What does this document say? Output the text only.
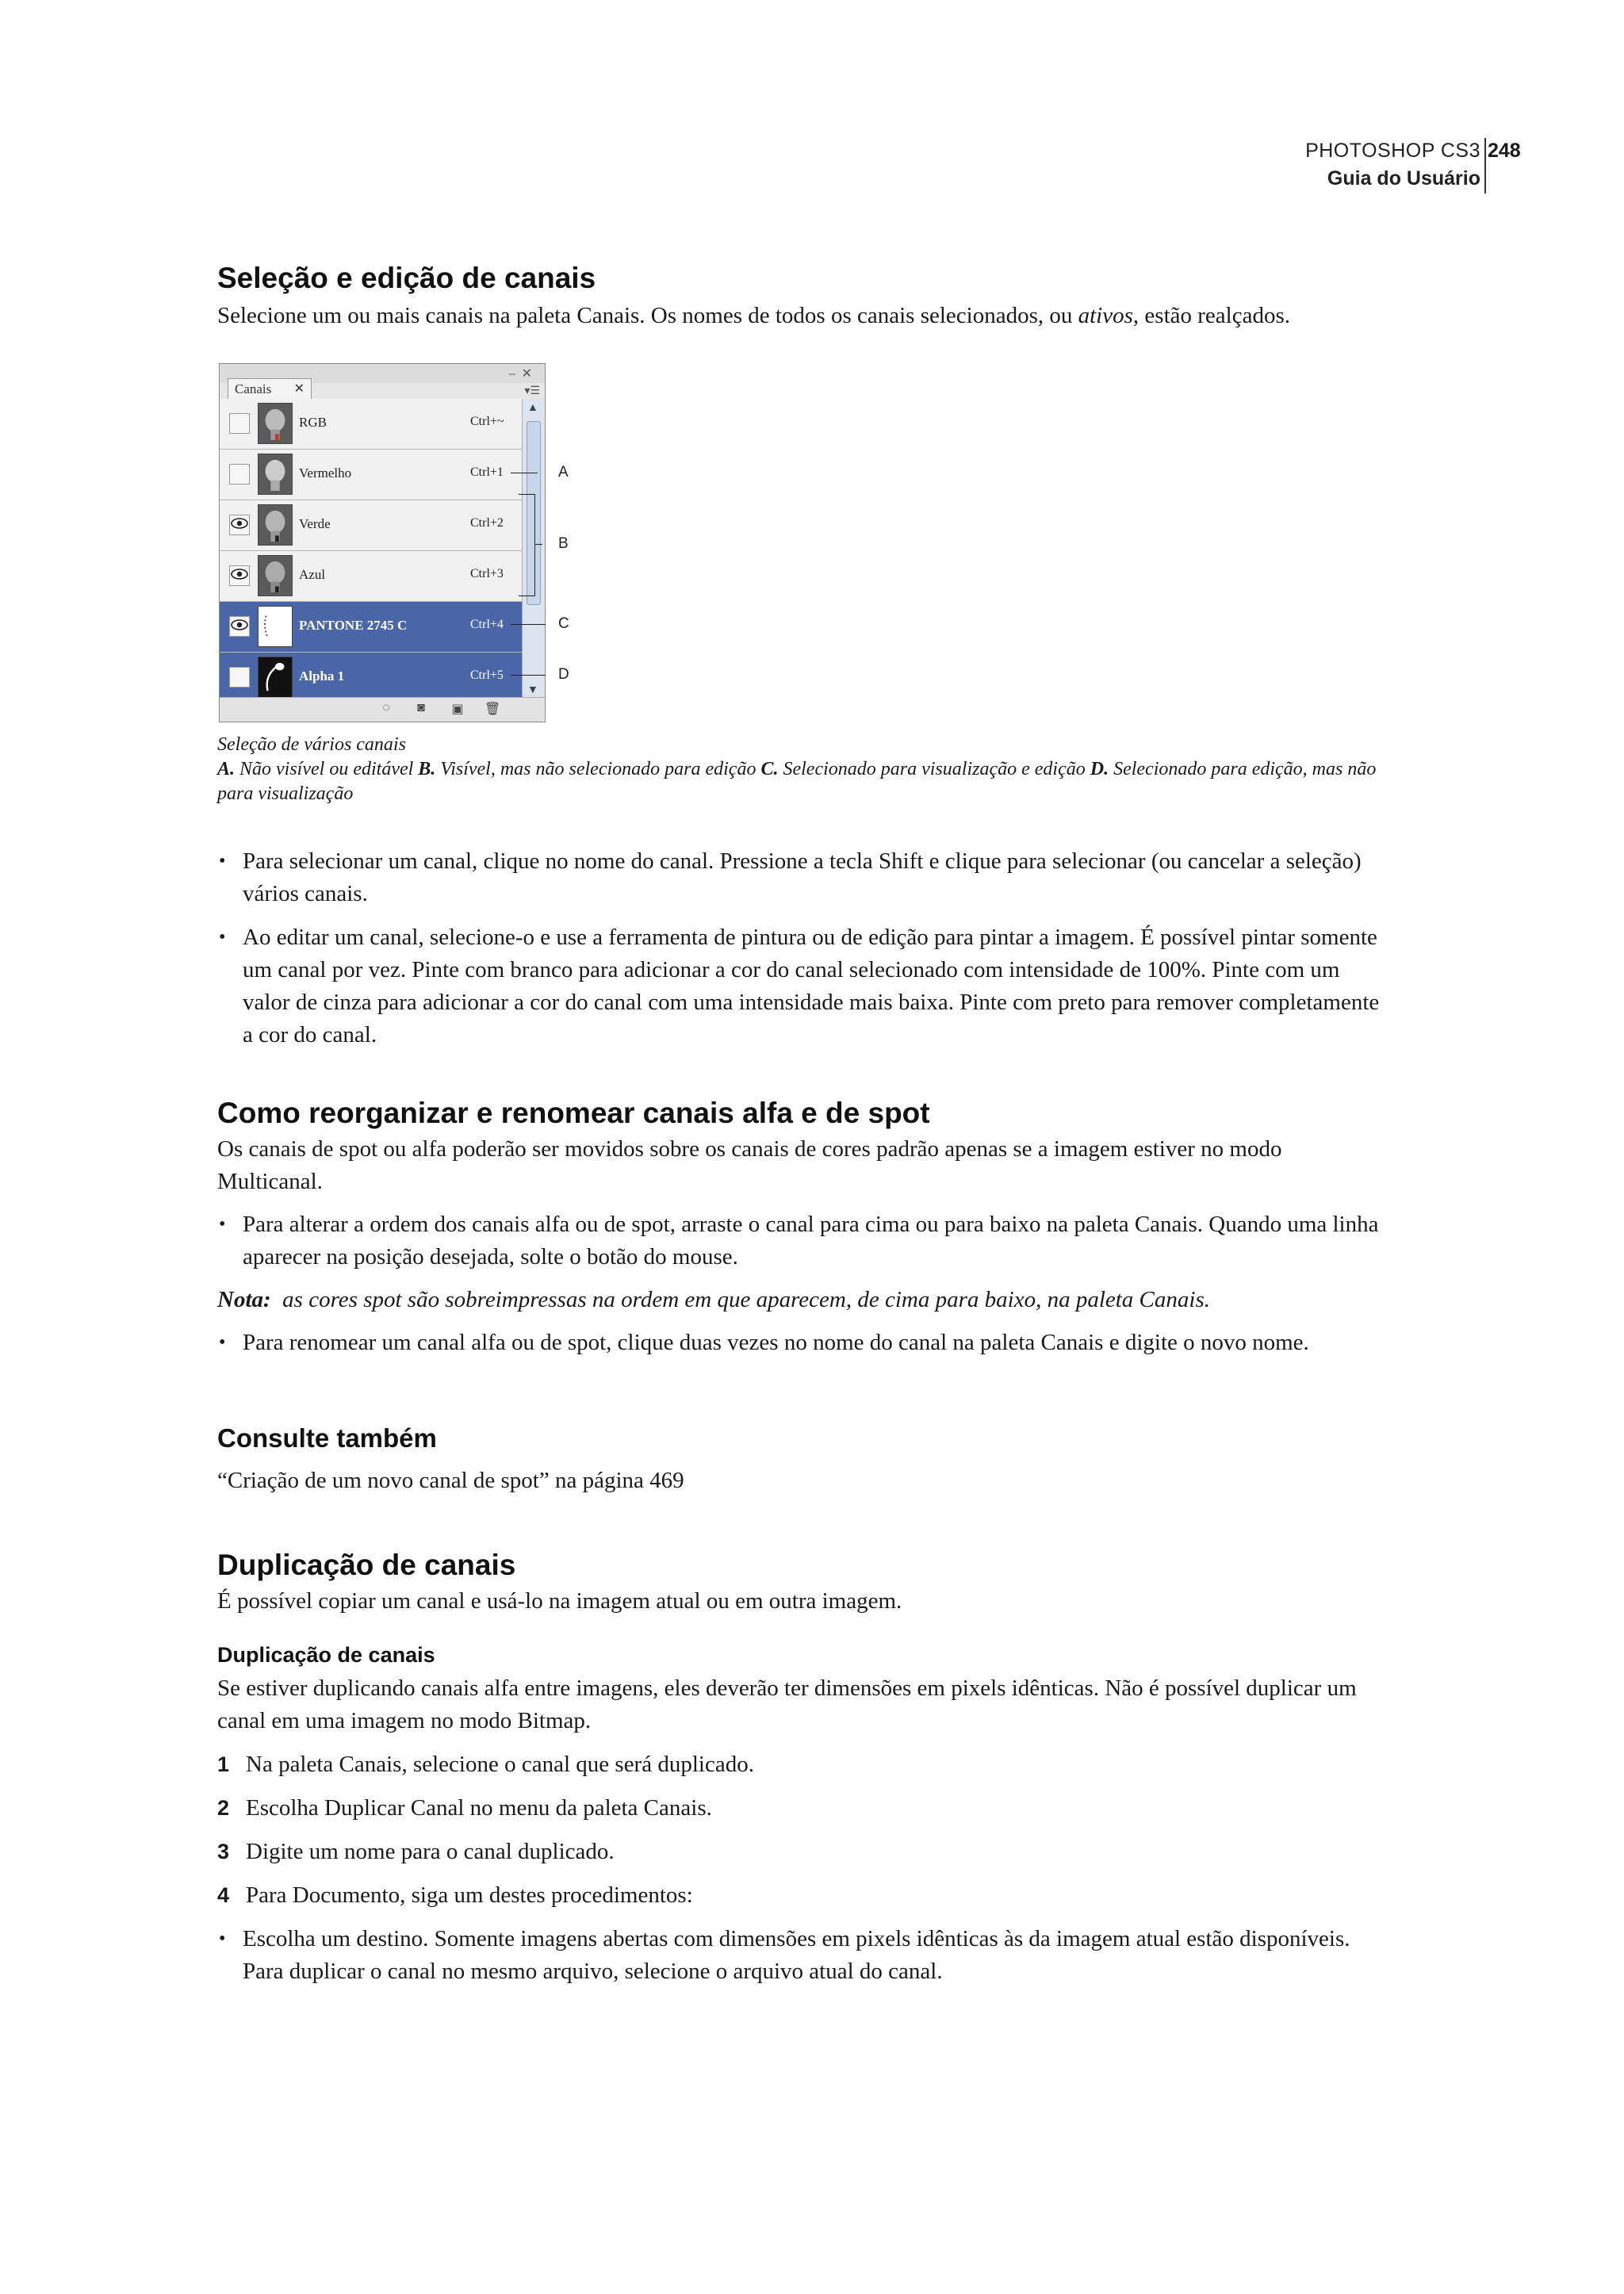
PHOTOSHOP CS3
Guia do Usuário
248
Seleção e edição de canais

Selecione um ou mais canais na paleta Canais. Os nomes de todos os canais selecionados, ou ativos, estão realçados.

–✕
Canais ✕	▾☰
RGB	Ctrl+~
Vermelho	Ctrl+1
Verde	Ctrl+2
Azul	Ctrl+3
PANTONE 2745 C	Ctrl+4
Alpha 1	Ctrl+5
▲
▼
◌	◙	▣ 🗑
A
B
C
D
Seleção de vários canais
A. Não visível ou editável B. Visível, mas não selecionado para edição C. Selecionado para visualização e edição D. Selecionado para edição, mas não para visualização
• Para selecionar um canal, clique no nome do canal. Pressione a tecla Shift e clique para selecionar (ou cancelar a seleção) vários canais.
• Ao editar um canal, selecione-o e use a ferramenta de pintura ou de edição para pintar a imagem. É possível pintar somente um canal por vez. Pinte com branco para adicionar a cor do canal selecionado com intensidade de 100%. Pinte com um valor de cinza para adicionar a cor do canal com uma intensidade mais baixa. Pinte com preto para remover completamente a cor do canal.
Como reorganizar e renomear canais alfa e de spot

Os canais de spot ou alfa poderão ser movidos sobre os canais de cores padrão apenas se a imagem estiver no modo Multicanal.

• Para alterar a ordem dos canais alfa ou de spot, arraste o canal para cima ou para baixo na paleta Canais. Quando uma linha aparecer na posição desejada, solte o botão do mouse.

Nota: as cores spot são sobreimpressas na ordem em que aparecem, de cima para baixo, na paleta Canais.

• Para renomear um canal alfa ou de spot, clique duas vezes no nome do canal na paleta Canais e digite o novo nome.
Consulte também

“Criação de um novo canal de spot” na página 469

Duplicação de canais

É possível copiar um canal e usá-lo na imagem atual ou em outra imagem.

Duplicação de canais

Se estiver duplicando canais alfa entre imagens, eles deverão ter dimensões em pixels idênticas. Não é possível duplicar um canal em uma imagem no modo Bitmap.

1 Na paleta Canais, selecione o canal que será duplicado.
2 Escolha Duplicar Canal no menu da paleta Canais.
3 Digite um nome para o canal duplicado.
4 Para Documento, siga um destes procedimentos:
• Escolha um destino. Somente imagens abertas com dimensões em pixels idênticas às da imagem atual estão disponíveis. Para duplicar o canal no mesmo arquivo, selecione o arquivo atual do canal.
